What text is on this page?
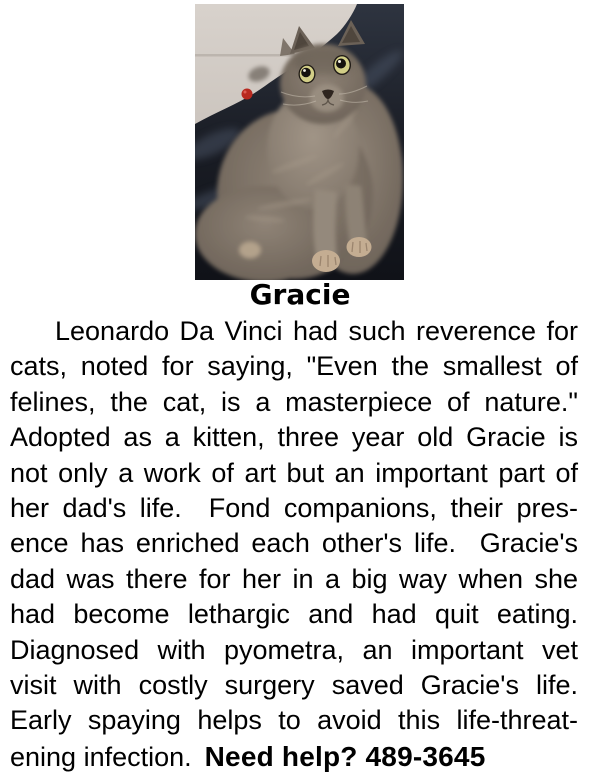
Gracie

Leonardo Da Vinci had such reverence for

cats, noted for saying, "Even the smallest of

felines, the cat, is a masterpiece of nature."

Adopted as a kitten, three year old Gracie is

not only a work of art but an important part of

her dad's life.  Fond companions, their pres-

ence has enriched each other's life.  Gracie's

dad was there for her in a big way when she

had become lethargic and had quit eating.

Diagnosed with pyometra, an important vet

visit with costly surgery saved Gracie's life.

Early spaying helps to avoid this life-threat-

ening infection. Need help? 489-3645
